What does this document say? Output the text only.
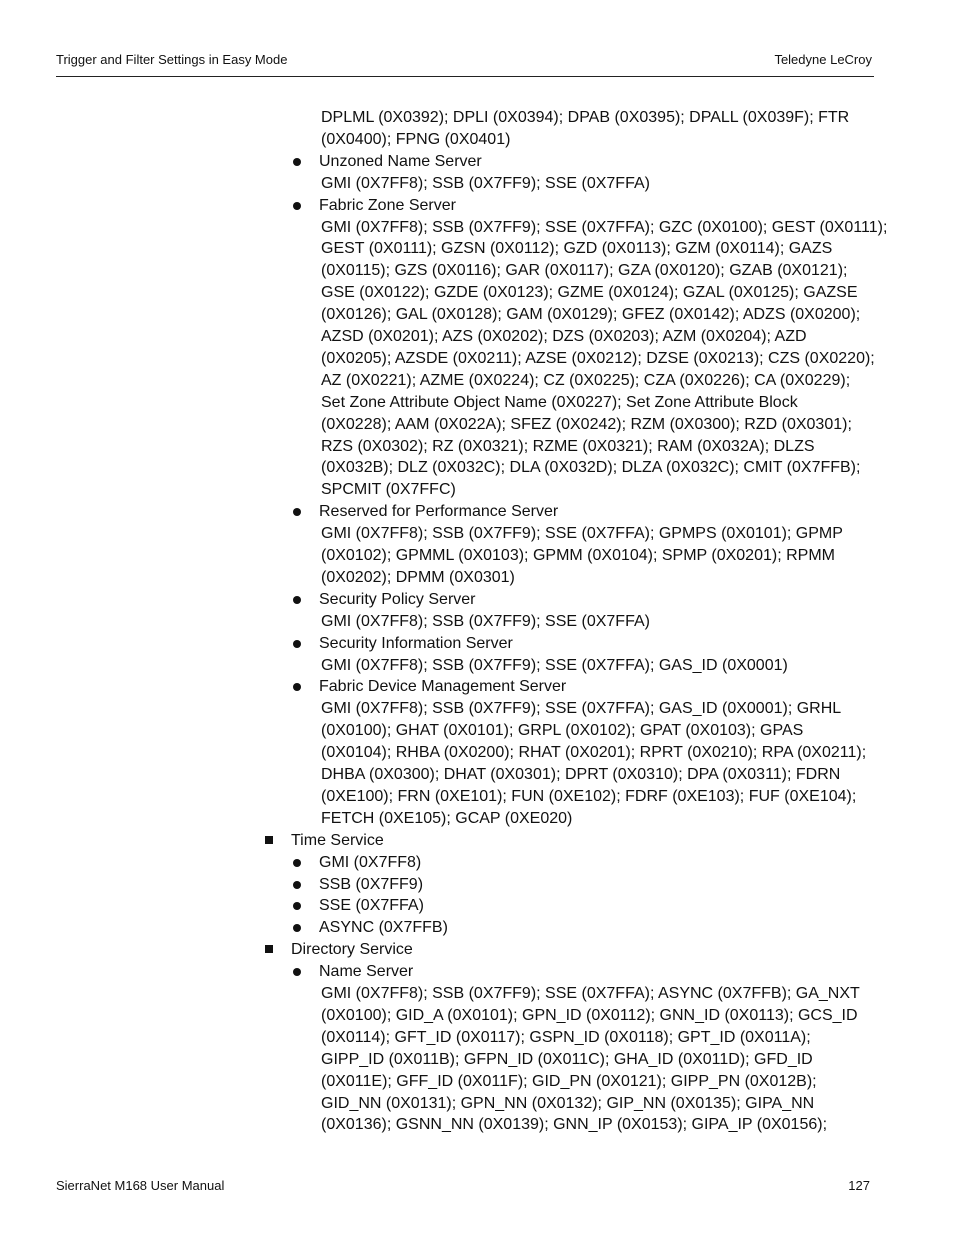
Trigger and Filter Settings in Easy Mode	Teledyne LeCroy
DPLML (0X0392); DPLI (0X0394); DPAB (0X0395); DPALL (0X039F); FTR
(0X0400); FPNG (0X0401)
Unzoned Name Server
GMI (0X7FF8); SSB (0X7FF9); SSE (0X7FFA)
Fabric Zone Server
GMI (0X7FF8); SSB (0X7FF9); SSE (0X7FFA); GZC (0X0100); GEST (0X0111);
GEST (0X0111); GZSN (0X0112); GZD (0X0113); GZM (0X0114); GAZS
(0X0115); GZS (0X0116); GAR (0X0117); GZA (0X0120); GZAB (0X0121);
GSE (0X0122); GZDE (0X0123); GZME (0X0124); GZAL (0X0125); GAZSE
(0X0126); GAL (0X0128); GAM (0X0129); GFEZ (0X0142); ADZS (0X0200);
AZSD (0X0201); AZS (0X0202); DZS (0X0203); AZM (0X0204); AZD
(0X0205); AZSDE (0X0211); AZSE (0X0212); DZSE (0X0213); CZS (0X0220);
AZ (0X0221); AZME (0X0224); CZ (0X0225); CZA (0X0226); CA (0X0229);
Set Zone Attribute Object Name (0X0227); Set Zone Attribute Block
(0X0228); AAM (0X022A); SFEZ (0X0242); RZM (0X0300); RZD (0X0301);
RZS (0X0302); RZ (0X0321); RZME (0X0321); RAM (0X032A); DLZS
(0X032B); DLZ (0X032C); DLA (0X032D); DLZA (0X032C); CMIT (0X7FFB);
SPCMIT (0X7FFC)
Reserved for Performance Server
GMI (0X7FF8); SSB (0X7FF9); SSE (0X7FFA); GPMPS (0X0101); GPMP
(0X0102); GPMML (0X0103); GPMM (0X0104); SPMP (0X0201); RPMM
(0X0202); DPMM (0X0301)
Security Policy Server
GMI (0X7FF8); SSB (0X7FF9); SSE (0X7FFA)
Security Information Server
GMI (0X7FF8); SSB (0X7FF9); SSE (0X7FFA); GAS_ID (0X0001)
Fabric Device Management Server
GMI (0X7FF8); SSB (0X7FF9); SSE (0X7FFA); GAS_ID (0X0001); GRHL
(0X0100); GHAT (0X0101); GRPL (0X0102); GPAT (0X0103); GPAS
(0X0104); RHBA (0X0200); RHAT (0X0201); RPRT (0X0210); RPA (0X0211);
DHBA (0X0300); DHAT (0X0301); DPRT (0X0310); DPA (0X0311); FDRN
(0XE100); FRN (0XE101); FUN (0XE102); FDRF (0XE103); FUF (0XE104);
FETCH (0XE105); GCAP (0XE020)
Time Service
GMI (0X7FF8)
SSB (0X7FF9)
SSE (0X7FFA)
ASYNC (0X7FFB)
Directory Service
Name Server
GMI (0X7FF8); SSB (0X7FF9); SSE (0X7FFA); ASYNC (0X7FFB); GA_NXT
(0X0100); GID_A (0X0101); GPN_ID (0X0112); GNN_ID (0X0113); GCS_ID
(0X0114); GFT_ID (0X0117); GSPN_ID (0X0118); GPT_ID (0X011A);
GIPP_ID (0X011B); GFPN_ID (0X011C); GHA_ID (0X011D); GFD_ID
(0X011E); GFF_ID (0X011F); GID_PN (0X0121); GIPP_PN (0X012B);
GID_NN (0X0131); GPN_NN (0X0132); GIP_NN (0X0135); GIPA_NN
(0X0136); GSNN_NN (0X0139); GNN_IP (0X0153); GIPA_IP (0X0156);
SierraNet M168 User Manual	127
